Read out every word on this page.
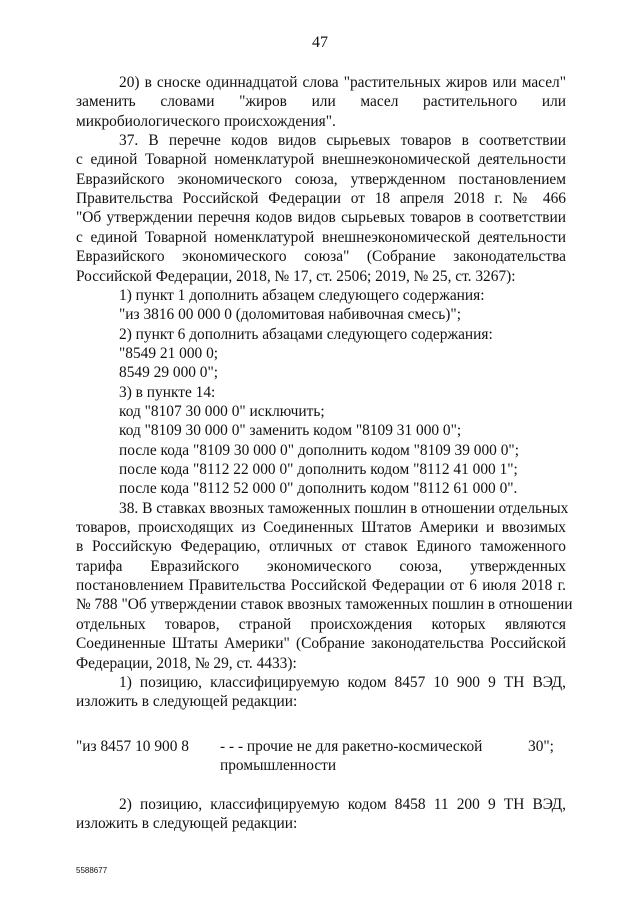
47
20) в сноске одиннадцатой слова "растительных жиров или масел"
заменить словами "жиров или масел растительного или
микробиологического происхождения".
37. В перечне кодов видов сырьевых товаров в соответствии
с единой Товарной номенклатурой внешнеэкономической деятельности
Евразийского экономического союза, утвержденном постановлением
Правительства Российской Федерации от 18 апреля 2018 г. № 466
"Об утверждении перечня кодов видов сырьевых товаров в соответствии
с единой Товарной номенклатурой внешнеэкономической деятельности
Евразийского экономического союза" (Собрание законодательства
Российской Федерации, 2018, № 17, ст. 2506; 2019, № 25, ст. 3267):
1) пункт 1 дополнить абзацем следующего содержания:
"из 3816 00 000 0 (доломитовая набивочная смесь)";
2) пункт 6 дополнить абзацами следующего содержания:
"8549 21 000 0;
8549 29 000 0";
3) в пункте 14:
код "8107 30 000 0" исключить;
код "8109 30 000 0" заменить кодом "8109 31 000 0";
после кода "8109 30 000 0" дополнить кодом "8109 39 000 0";
после кода "8112 22 000 0" дополнить кодом "8112 41 000 1";
после кода "8112 52 000 0" дополнить кодом "8112 61 000 0".
38. В ставках ввозных таможенных пошлин в отношении отдельных
товаров, происходящих из Соединенных Штатов Америки и ввозимых
в Российскую Федерацию, отличных от ставок Единого таможенного
тарифа Евразийского экономического союза, утвержденных
постановлением Правительства Российской Федерации от 6 июля 2018 г.
№ 788 "Об утверждении ставок ввозных таможенных пошлин в отношении
отдельных товаров, страной происхождения которых являются
Соединенные Штаты Америки" (Собрание законодательства Российской
Федерации, 2018, № 29, ст. 4433):
1) позицию, классифицируемую кодом 8457 10 900 9 ТН ВЭД,
изложить в следующей редакции:
"из 8457 10 900 8 - - - прочие не для ракетно-космической
промышленности
30";
2) позицию, классифицируемую кодом 8458 11 200 9 ТН ВЭД,
изложить в следующей редакции:
5588677
